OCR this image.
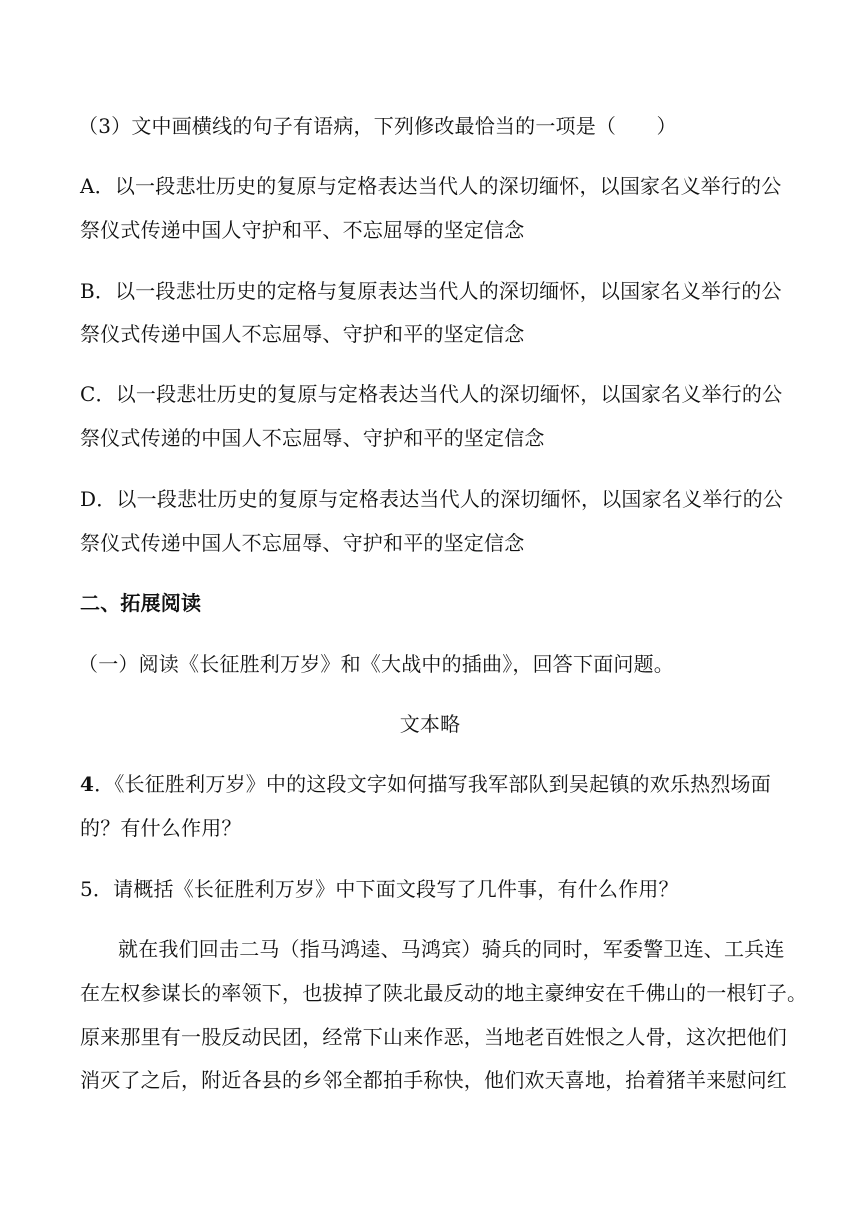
（3）文中画横线的句子有语病，下列修改最恰当的一项是（　　）
A．以一段悲壮历史的复原与定格表达当代人的深切缅怀，以国家名义举行的公
祭仪式传递中国人守护和平、不忘屈辱的坚定信念
B．以一段悲壮历史的定格与复原表达当代人的深切缅怀，以国家名义举行的公
祭仪式传递中国人不忘屈辱、守护和平的坚定信念
C．以一段悲壮历史的复原与定格表达当代人的深切缅怀，以国家名义举行的公
祭仪式传递的中国人不忘屈辱、守护和平的坚定信念
D．以一段悲壮历史的复原与定格表达当代人的深切缅怀，以国家名义举行的公
祭仪式传递中国人不忘屈辱、守护和平的坚定信念
二、拓展阅读
（一）阅读《长征胜利万岁》和《大战中的插曲》，回答下面问题。
文本略
4．《长征胜利万岁》中的这段文字如何描写我军部队到吴起镇的欢乐热烈场面
的？有什么作用？
5．请概括《长征胜利万岁》中下面文段写了几件事，有什么作用？
就在我们回击二马（指马鸿逵、马鸿宾）骑兵的同时，军委警卫连、工兵连
在左权参谋长的率领下，也拔掉了陕北最反动的地主豪绅安在千佛山的一根钉子。
原来那里有一股反动民团，经常下山来作恶，当地老百姓恨之人骨，这次把他们
消灭了之后，附近各县的乡邻全都拍手称快，他们欢天喜地，抬着猪羊来慰问红
